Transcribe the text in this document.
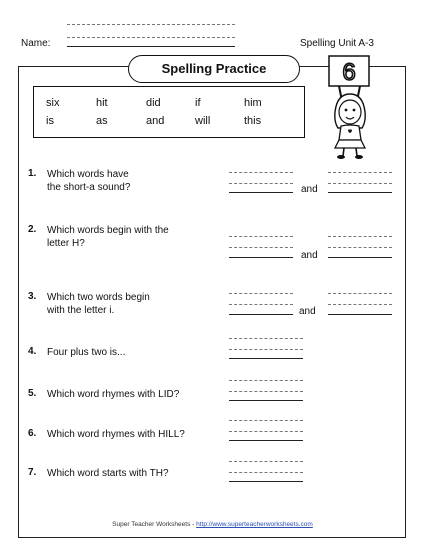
Name:	Spelling Unit A-3
Spelling Practice
six	hit	did	if	him
is	as	and	will	this
6
1. Which words have
the short-a sound?	and
2. Which words begin with the
letter H?
and
3. Which two words begin
with the letter i.	and
4. Four plus two is...
5. Which word rhymes with LID?
6. Which word rhymes with HILL?
7. Which word starts with TH?
Super Teacher Worksheets - http://www.superteacherworksheets.com
